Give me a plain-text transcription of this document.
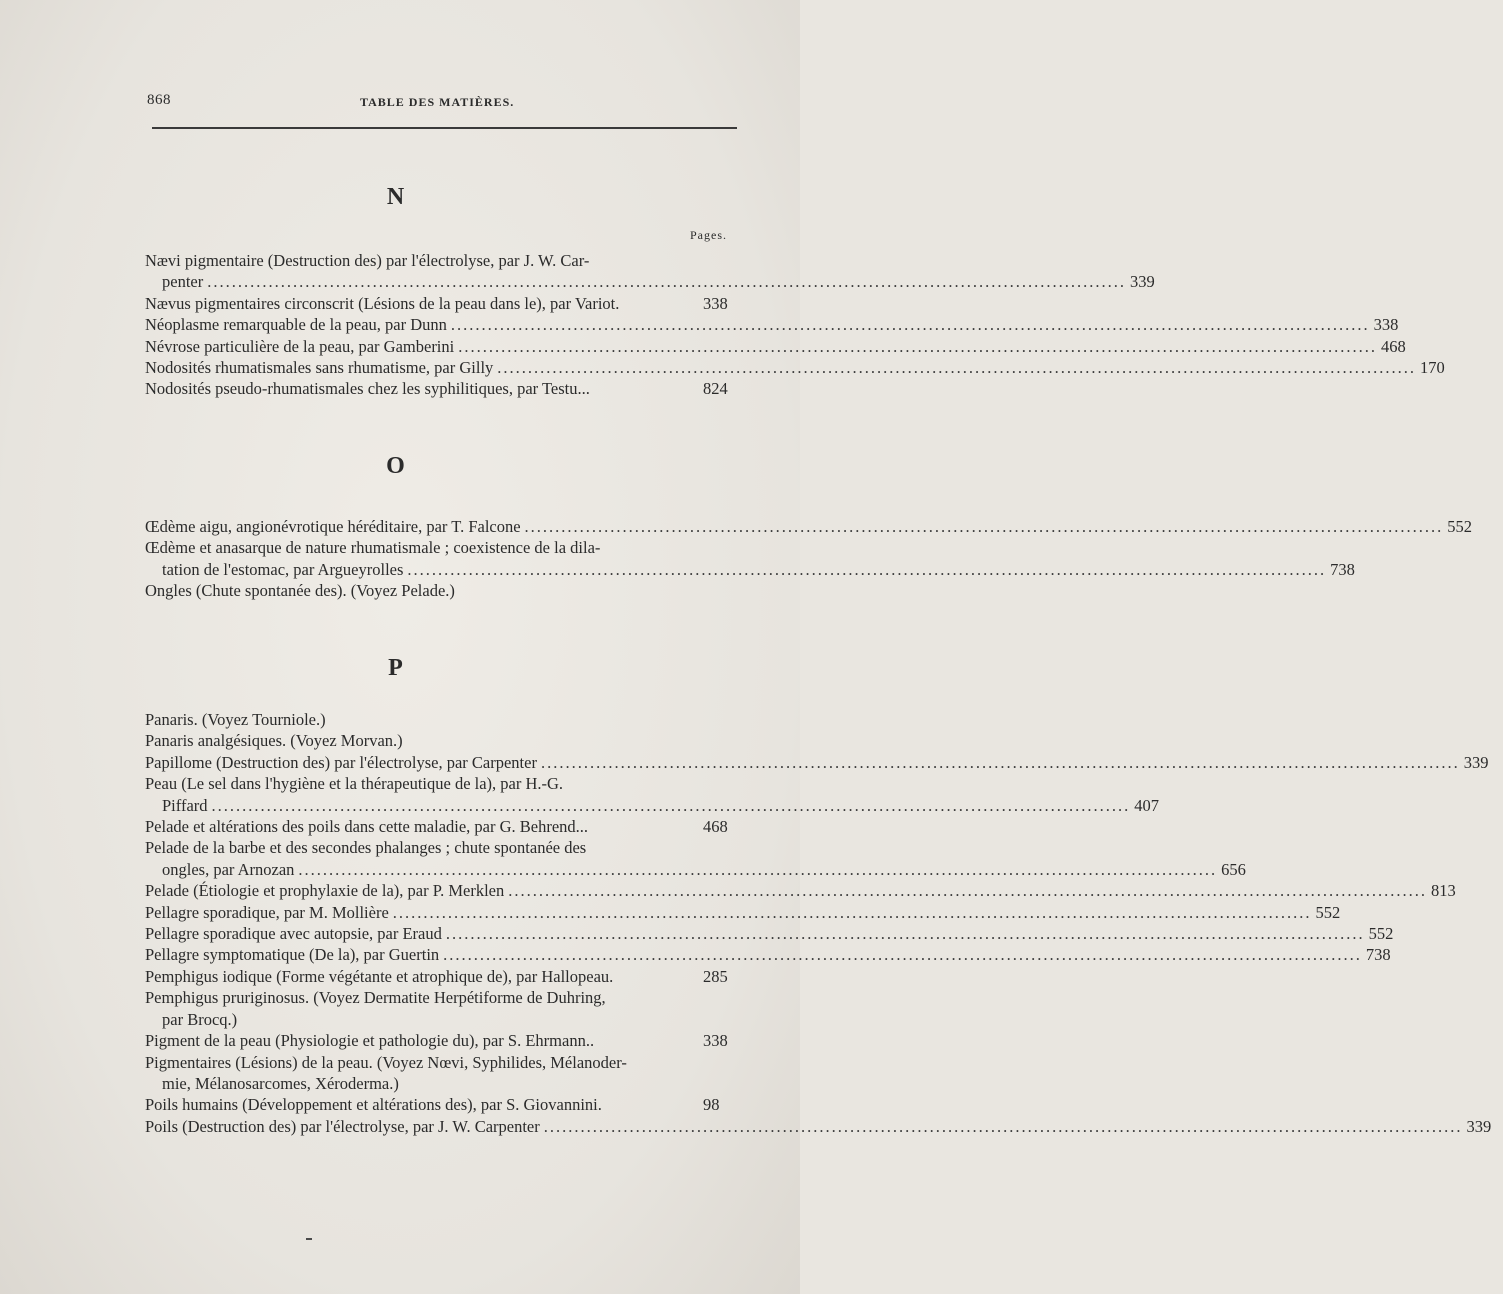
868	TABLE DES MATIÈRES.
N
Pages.
Nævi pigmentaire (Destruction des) par l'électrolyse, par J. W. Car-
penter .....	339
Nævus pigmentaires circonscrit (Lésions de la peau dans le), par Variot.	338
Néoplasme remarquable de la peau, par Dunn .....	338
Névrose particulière de la peau, par Gamberini .....	468
Nodosités rhumatismales sans rhumatisme, par Gilly .....	170
Nodosités pseudo-rhumatismales chez les syphilitiques, par Testu...	824
O
Œdème aigu, angionévrotique héréditaire, par T. Falcone .....	552
Œdème et anasarque de nature rhumatismale ; coexistence de la dila-
tation de l'estomac, par Argueyrolles .....	738
Ongles (Chute spontanée des). (Voyez Pelade.)
P
Panaris. (Voyez Tourniole.)
Panaris analgésiques. (Voyez Morvan.)
Papillome (Destruction des) par l'électrolyse, par Carpenter .....	339
Peau (Le sel dans l'hygiène et la thérapeutique de la), par H.-G.
Piffard .....	407
Pelade et altérations des poils dans cette maladie, par G. Behrend...	468
Pelade de la barbe et des secondes phalanges ; chute spontanée des
ongles, par Arnozan .....	656
Pelade (Étiologie et prophylaxie de la), par P. Merklen .....	813
Pellagre sporadique, par M. Mollière .....	552
Pellagre sporadique avec autopsie, par Eraud .....	552
Pellagre symptomatique (De la), par Guertin .....	738
Pemphigus iodique (Forme végétante et atrophique de), par Hallopeau.	285
Pemphigus pruriginosus. (Voyez Dermatite Herpétiforme de Duhring,
par Brocq.)
Pigment de la peau (Physiologie et pathologie du), par S. Ehrmann..	338
Pigmentaires (Lésions) de la peau. (Voyez Nœvi, Syphilides, Mélanoder-
mie, Mélanosarcomes, Xéroderma.)
Poils humains (Développement et altérations des), par S. Giovannini.	98
Poils (Destruction des) par l'électrolyse, par J. W. Carpenter .....	339
